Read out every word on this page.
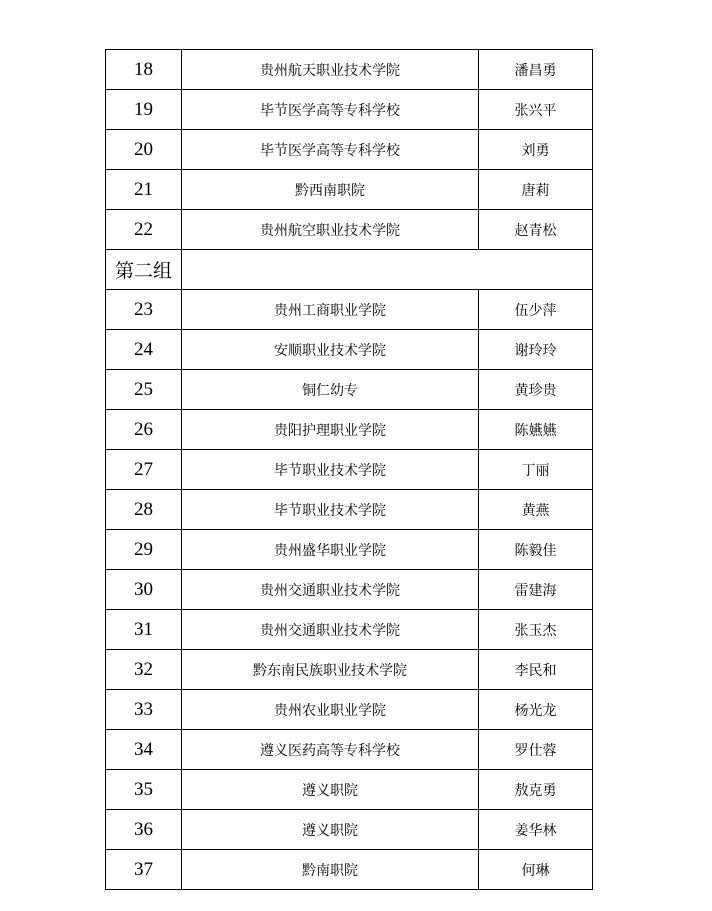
18	贵州航天职业技术学院	潘昌勇
19	毕节医学高等专科学校	张兴平
20	毕节医学高等专科学校	刘勇
21	黔西南职院	唐莉
22	贵州航空职业技术学院	赵青松
第二组		
23	贵州工商职业学院	伍少萍
24	安顺职业技术学院	谢玲玲
25	铜仁幼专	黄珍贵
26	贵阳护理职业学院	陈嬿嬿
27	毕节职业技术学院	丁丽
28	毕节职业技术学院	黄燕
29	贵州盛华职业学院	陈毅佳
30	贵州交通职业技术学院	雷建海
31	贵州交通职业技术学院	张玉杰
32	黔东南民族职业技术学院	李民和
33	贵州农业职业学院	杨光龙
34	遵义医药高等专科学校	罗仕蓉
35	遵义职院	敖克勇
36	遵义职院	姜华林
37	黔南职院	何琳
